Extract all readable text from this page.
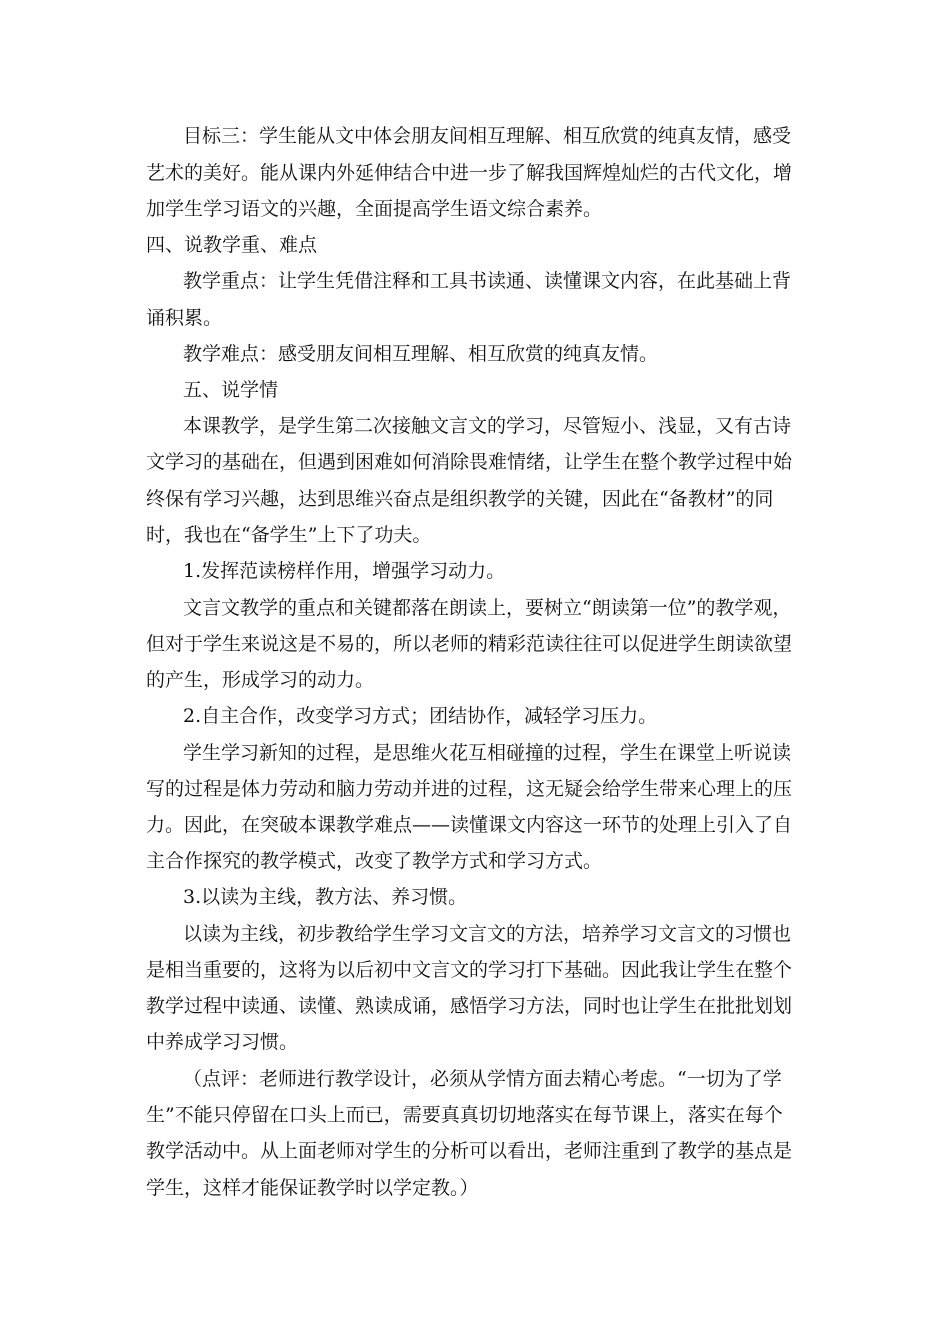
目标三：学生能从文中体会朋友间相互理解、相互欣赏的纯真友情，感受
艺术的美好。能从课内外延伸结合中进一步了解我国辉煌灿烂的古代文化，增
加学生学习语文的兴趣，全面提高学生语文综合素养。
四、说教学重、难点
教学重点：让学生凭借注释和工具书读通、读懂课文内容，在此基础上背
诵积累。
教学难点：感受朋友间相互理解、相互欣赏的纯真友情。
五、说学情
本课教学，是学生第二次接触文言文的学习，尽管短小、浅显，又有古诗
文学习的基础在，但遇到困难如何消除畏难情绪，让学生在整个教学过程中始
终保有学习兴趣，达到思维兴奋点是组织教学的关键，因此在“备教材”的同
时，我也在“备学生”上下了功夫。
1.发挥范读榜样作用，增强学习动力。
文言文教学的重点和关键都落在朗读上，要树立“朗读第一位”的教学观，
但对于学生来说这是不易的，所以老师的精彩范读往往可以促进学生朗读欲望
的产生，形成学习的动力。
2.自主合作，改变学习方式；团结协作，减轻学习压力。
学生学习新知的过程，是思维火花互相碰撞的过程，学生在课堂上听说读
写的过程是体力劳动和脑力劳动并进的过程，这无疑会给学生带来心理上的压
力。因此，在突破本课教学难点——读懂课文内容这一环节的处理上引入了自
主合作探究的教学模式，改变了教学方式和学习方式。
3.以读为主线，教方法、养习惯。
以读为主线，初步教给学生学习文言文的方法，培养学习文言文的习惯也
是相当重要的，这将为以后初中文言文的学习打下基础。因此我让学生在整个
教学过程中读通、读懂、熟读成诵，感悟学习方法，同时也让学生在批批划划
中养成学习习惯。
（点评：老师进行教学设计，必须从学情方面去精心考虑。“一切为了学
生”不能只停留在口头上而已，需要真真切切地落实在每节课上，落实在每个
教学活动中。从上面老师对学生的分析可以看出，老师注重到了教学的基点是
学生，这样才能保证教学时以学定教。）
